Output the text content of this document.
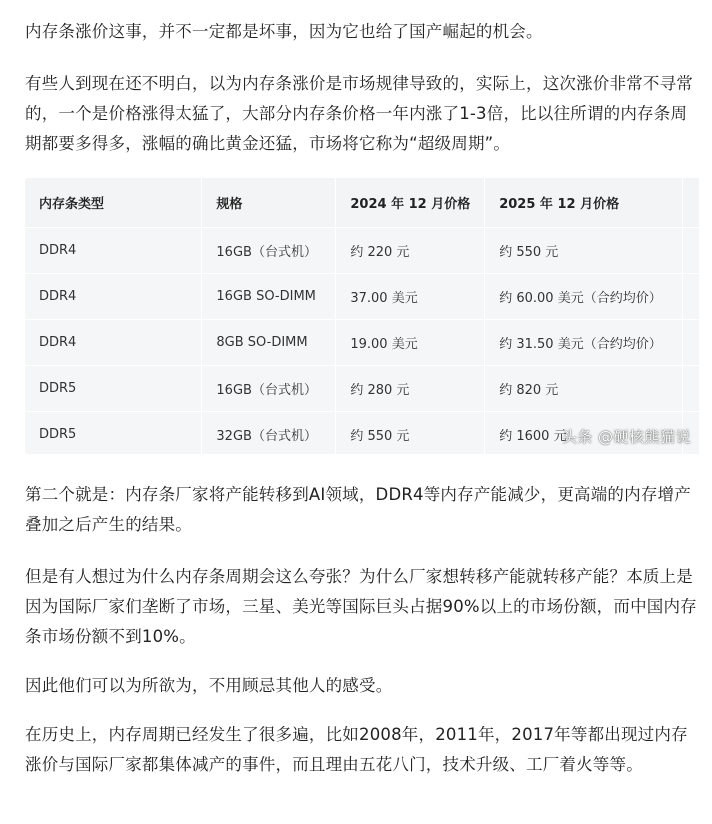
内存条涨价这事，并不一定都是坏事，因为它也给了国产崛起的机会。

有些人到现在还不明白，以为内存条涨价是市场规律导致的，实际上，这次涨价非常不寻常的，一个是价格涨得太猛了，大部分内存条价格一年内涨了1-3倍，比以往所谓的内存条周期都要多得多，涨幅的确比黄金还猛，市场将它称为“超级周期”。

内存条类型	规格	2024 年 12 月价格	2025 年 12 月价格	
DDR4	16GB（台式机）	约 220 元	约 550 元	
DDR4	16GB SO-DIMM	37.00 美元	约 60.00 美元（合约均价）	
DDR4	8GB SO-DIMM	19.00 美元	约 31.50 美元（合约均价）	
DDR5	16GB（台式机）	约 280 元	约 820 元	
DDR5	32GB（台式机）	约 550 元	约 1600 元	
头条 @硬核熊猫说

第二个就是：内存条厂家将产能转移到AI领域，DDR4等内存产能减少，更高端的内存增产叠加之后产生的结果。

但是有人想过为什么内存条周期会这么夸张？为什么厂家想转移产能就转移产能？本质上是因为国际厂家们垄断了市场，三星、美光等国际巨头占据90%以上的市场份额，而中国内存条市场份额不到10%。

因此他们可以为所欲为，不用顾忌其他人的感受。

在历史上，内存周期已经发生了很多遍，比如2008年，2011年，2017年等都出现过内存涨价与国际厂家都集体减产的事件，而且理由五花八门，技术升级、工厂着火等等。
